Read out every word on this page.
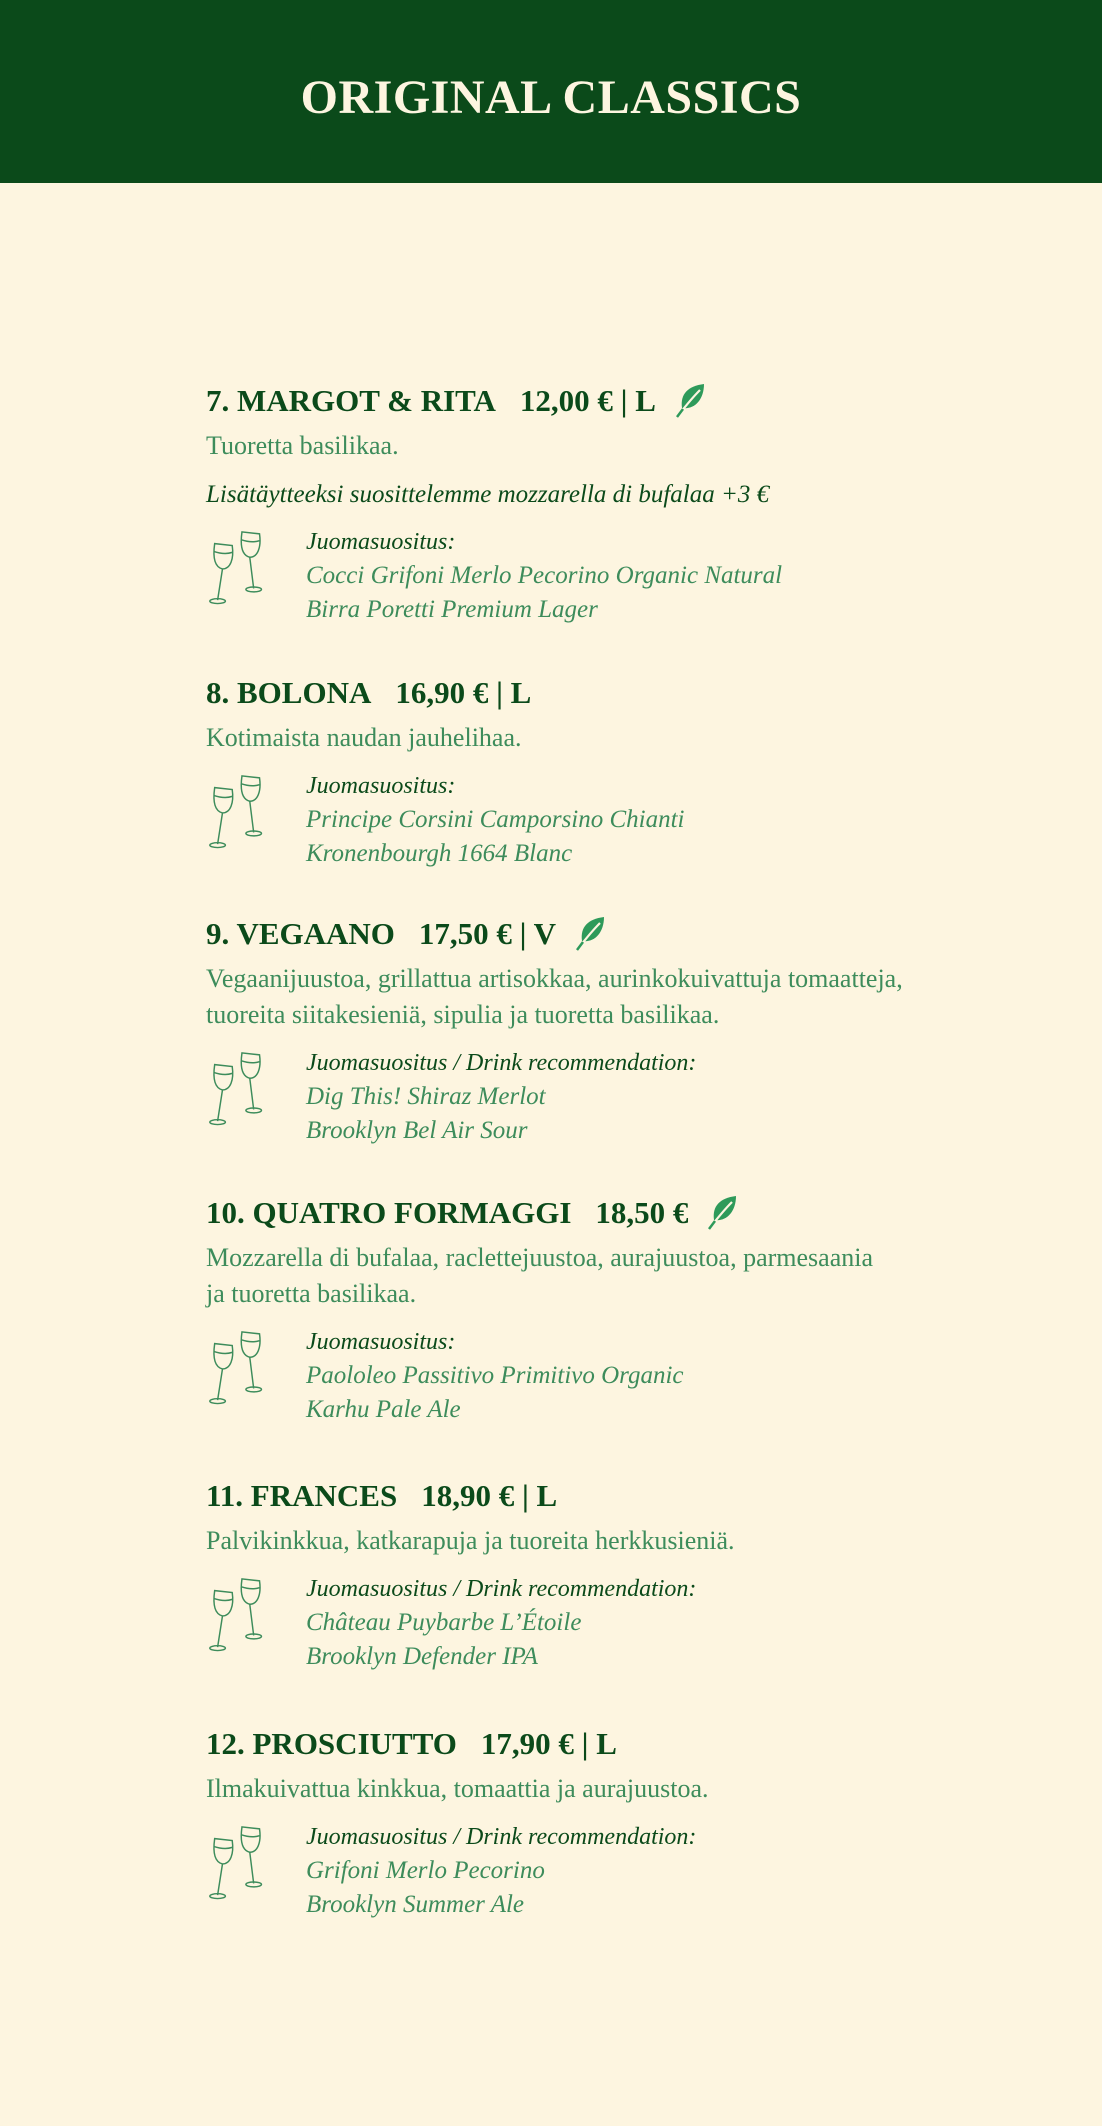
ORIGINAL CLASSICS
7. MARGOT & RITA 12,00 € | L
Tuoretta basilikaa.
Lisätäytteeksi suosittelemme mozzarella di bufalaa +3 €
Juomasuositus:
Cocci Grifoni Merlo Pecorino Organic Natural
Birra Poretti Premium Lager
8. BOLONA 16,90 € | L
Kotimaista naudan jauhelihaa.
Juomasuositus:
Principe Corsini Camporsino Chianti
Kronenbourgh 1664 Blanc
9. VEGAANO 17,50 € | V
Vegaanijuustoa, grillattua artisokkaa, aurinkokuivattuja tomaatteja,
tuoreita siitakesieniä, sipulia ja tuoretta basilikaa.
Juomasuositus / Drink recommendation:
Dig This! Shiraz Merlot
Brooklyn Bel Air Sour
10. QUATRO FORMAGGI 18,50 €
Mozzarella di bufalaa, raclettejuustoa, aurajuustoa, parmesaania
ja tuoretta basilikaa.
Juomasuositus:
Paololeo Passitivo Primitivo Organic
Karhu Pale Ale
11. FRANCES 18,90 € | L
Palvikinkkua, katkarapuja ja tuoreita herkkusieniä.
Juomasuositus / Drink recommendation:
Château Puybarbe L’Étoile
Brooklyn Defender IPA
12. PROSCIUTTO 17,90 € | L
Ilmakuivattua kinkkua, tomaattia ja aurajuustoa.
Juomasuositus / Drink recommendation:
Grifoni Merlo Pecorino
Brooklyn Summer Ale
